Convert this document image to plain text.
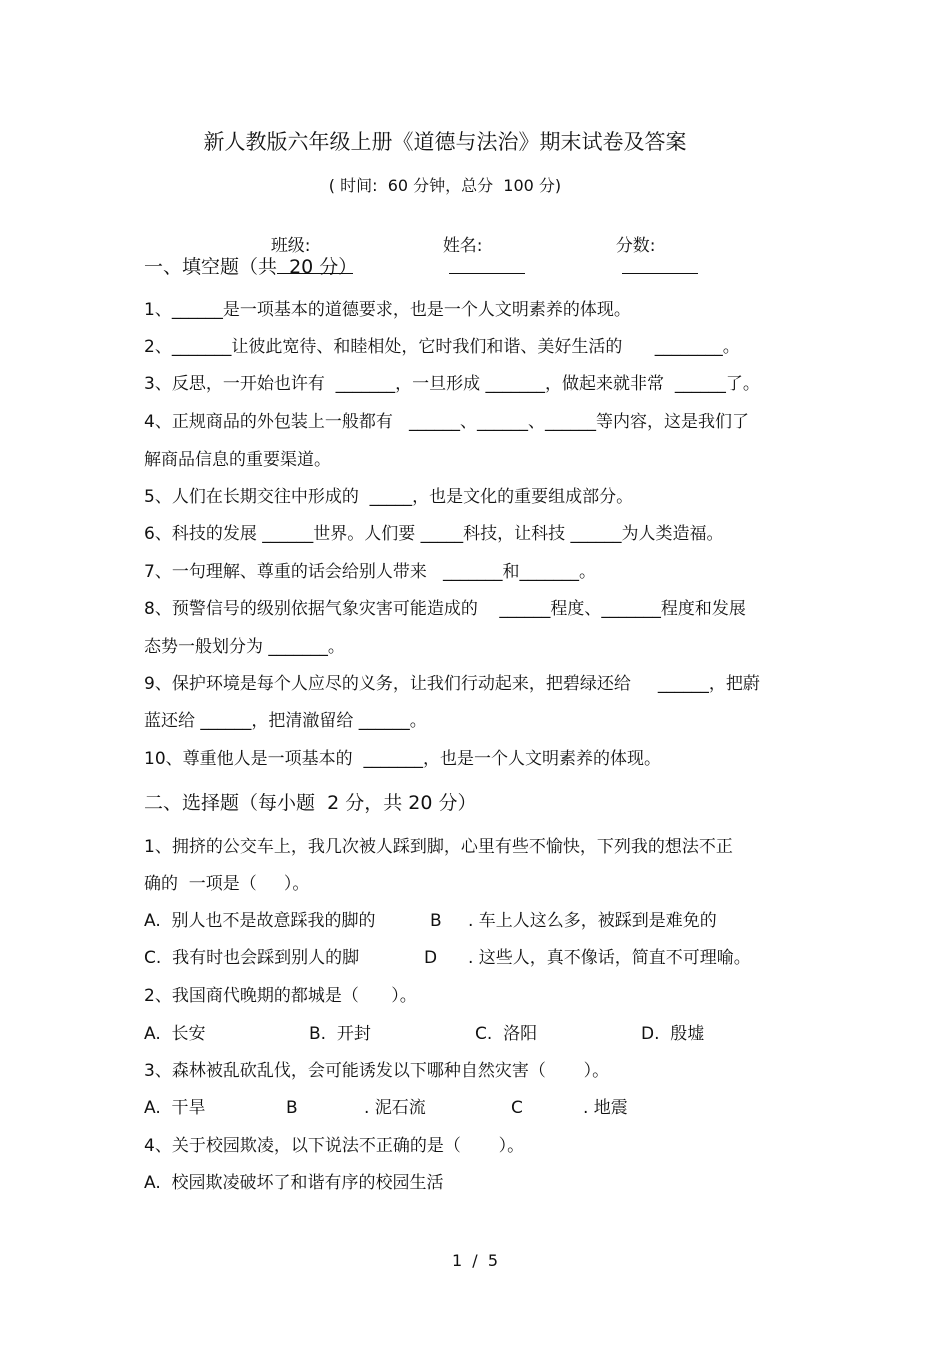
新人教版六年级上册《道德与法治》期末试卷及答案
( 时间:  60 分钟，总分  100 分)

班级:
	姓名:
	分数:

一、填空题（共  20 分）
1、______是一项基本的道德要求，也是一个人文明素养的体现。
2、_______让彼此宽待、和睦相处，它时我们和谐、美好生活的      ________。
3、反思，一开始也许有  _______，一旦形成 _______，做起来就非常  ______了。
4、正规商品的外包装上一般都有   ______、______、______等内容，这是我们了
解商品信息的重要渠道。
5、人们在长期交往中形成的  _____，也是文化的重要组成部分。
6、科技的发展 ______世界。人们要 _____科技，让科技 ______为人类造福。
7、一句理解、尊重的话会给别人带来   _______和_______。
8、预警信号的级别依据气象灾害可能造成的    ______程度、_______程度和发展
态势一般划分为 _______。
9、保护环境是每个人应尽的义务，让我们行动起来，把碧绿还给     ______，把蔚
蓝还给 ______，把清澈留给 ______。
10、尊重他人是一项基本的  _______，也是一个人文明素养的体现。
二、选择题（每小题  2 分，共 20 分）
1、拥挤的公交车上，我几次被人踩到脚，心里有些不愉快，下列我的想法不正
确的  一项是（     ）。
A.  别人也不是故意踩我的脚的	B . 车上人这么多，被踩到是难免的
C.  我有时也会踩到别人的脚	D . 这些人，真不像话，简直不可理喻。
2、我国商代晚期的都城是（      ）。
A.  长安	B.  开封	C.  洛阳	D.  殷墟
3、森林被乱砍乱伐，会可能诱发以下哪种自然灾害（       ）。
A.  干旱	B	. 泥石流	C	. 地震
4、关于校园欺凌，以下说法不正确的是（       ）。
A.  校园欺凌破坏了和谐有序的校园生活
1  /  5
